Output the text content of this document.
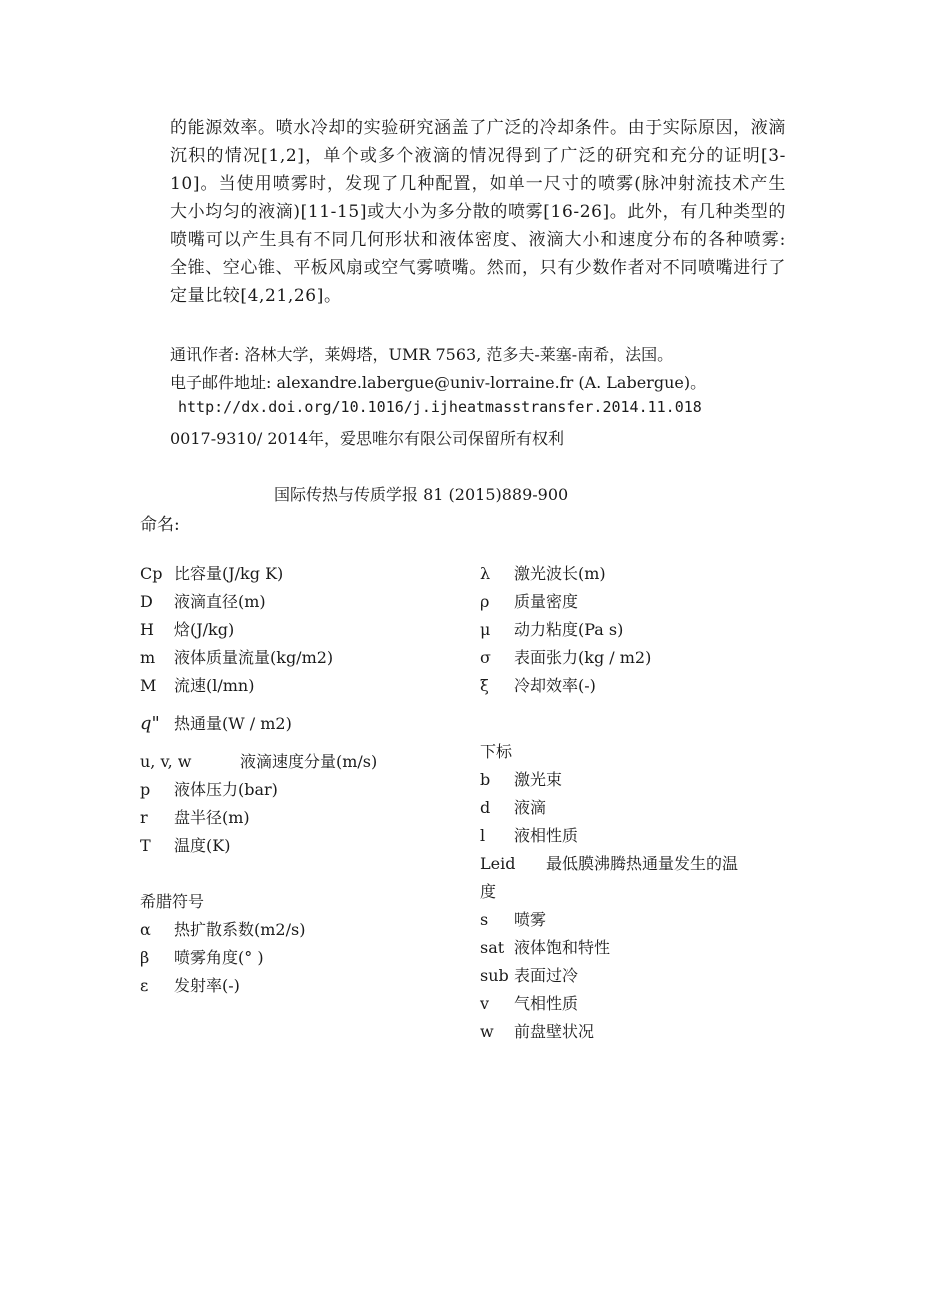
的能源效率。喷水冷却的实验研究涵盖了广泛的冷却条件。由于实际原因，液滴沉积的情况[1,2]，单个或多个液滴的情况得到了广泛的研究和充分的证明[3-10]。当使用喷雾时，发现了几种配置，如单一尺寸的喷雾(脉冲射流技术产生大小均匀的液滴)[11-15]或大小为多分散的喷雾[16-26]。此外，有几种类型的喷嘴可以产生具有不同几何形状和液体密度、液滴大小和速度分布的各种喷雾:全锥、空心锥、平板风扇或空气雾喷嘴。然而，只有少数作者对不同喷嘴进行了定量比较[4,21,26]。

通讯作者: 洛林大学，莱姆塔，UMR 7563, 范多夫-莱塞-南希，法国。
电子邮件地址: alexandre.labergue@univ-lorraine.fr (A. Labergue)。
http://dx.doi.org/10.1016/j.ijheatmasstransfer.2014.11.018
0017-9310/ 2014年，爱思唯尔有限公司保留所有权利
国际传热与传质学报 81 (2015)889-900
命名:
Cp 比容量(J/kg K)
D 液滴直径(m)
H 焓(J/kg)
m 液体质量流量(kg/m2)
M 流速(l/mn)
q" 热通量(W / m2)
u, v, w	液滴速度分量(m/s)
p 液体压力(bar)
r 盘半径(m)
T 温度(K)
希腊符号
α 热扩散系数(m2/s)
β 喷雾角度(° )
ε 发射率(-)
λ 激光波长(m)
ρ 质量密度
μ 动力粘度(Pa s)
σ 表面张力(kg / m2)
ξ 冷却效率(-)
下标
b 激光束
d 液滴
l 液相性质
Leid 最低膜沸腾热通量发生的温
度
s 喷雾
sat 液体饱和特性
sub 表面过冷
v 气相性质
w 前盘壁状况
